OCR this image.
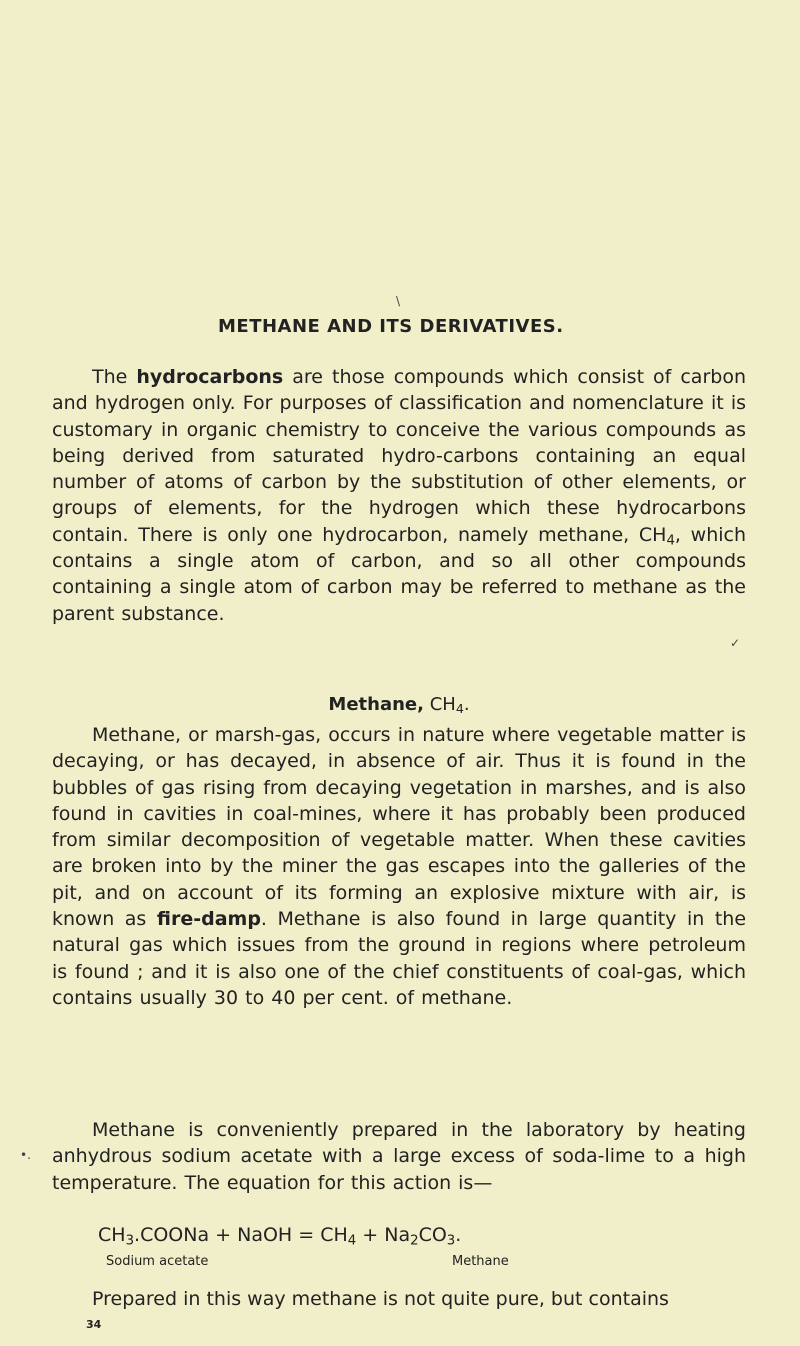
\
✓
•.
METHANE AND ITS DERIVATIVES.

The hydrocarbons are those compounds which consist of carbon and hydrogen only. For purposes of classification and nomenclature it is customary in organic chemistry to conceive the various compounds as being derived from saturated hydro-carbons containing an equal number of atoms of carbon by the substitution of other elements, or groups of elements, for the hydrogen which these hydrocarbons contain. There is only one hydrocarbon, namely methane, $CH_4$, which contains a single atom of carbon, and so all other compounds containing a single atom of carbon may be referred to methane as the parent substance.

Methane, $CH_4$.

Methane, or marsh-gas, occurs in nature where vegetable matter is decaying, or has decayed, in absence of air. Thus it is found in the bubbles of gas rising from decaying vegetation in marshes, and is also found in cavities in coal-mines, where it has probably been produced from similar decomposition of vegetable matter. When these cavities are broken into by the miner the gas escapes into the galleries of the pit, and on account of its forming an explosive mixture with air, is known as fire-damp. Methane is also found in large quantity in the natural gas which issues from the ground in regions where petroleum is found ; and it is also one of the chief constituents of coal-gas, which contains usually 30 to 40 per cent. of methane.

Methane is conveniently prepared in the laboratory by heating anhydrous sodium acetate with a large excess of soda-lime to a high temperature. The equation for this action is—

$CH_3.COONa$ + NaOH = $CH_4 + Na_2CO_3$.
Sodium acetate	Methane
Prepared in this way methane is not quite pure, but contains
34
